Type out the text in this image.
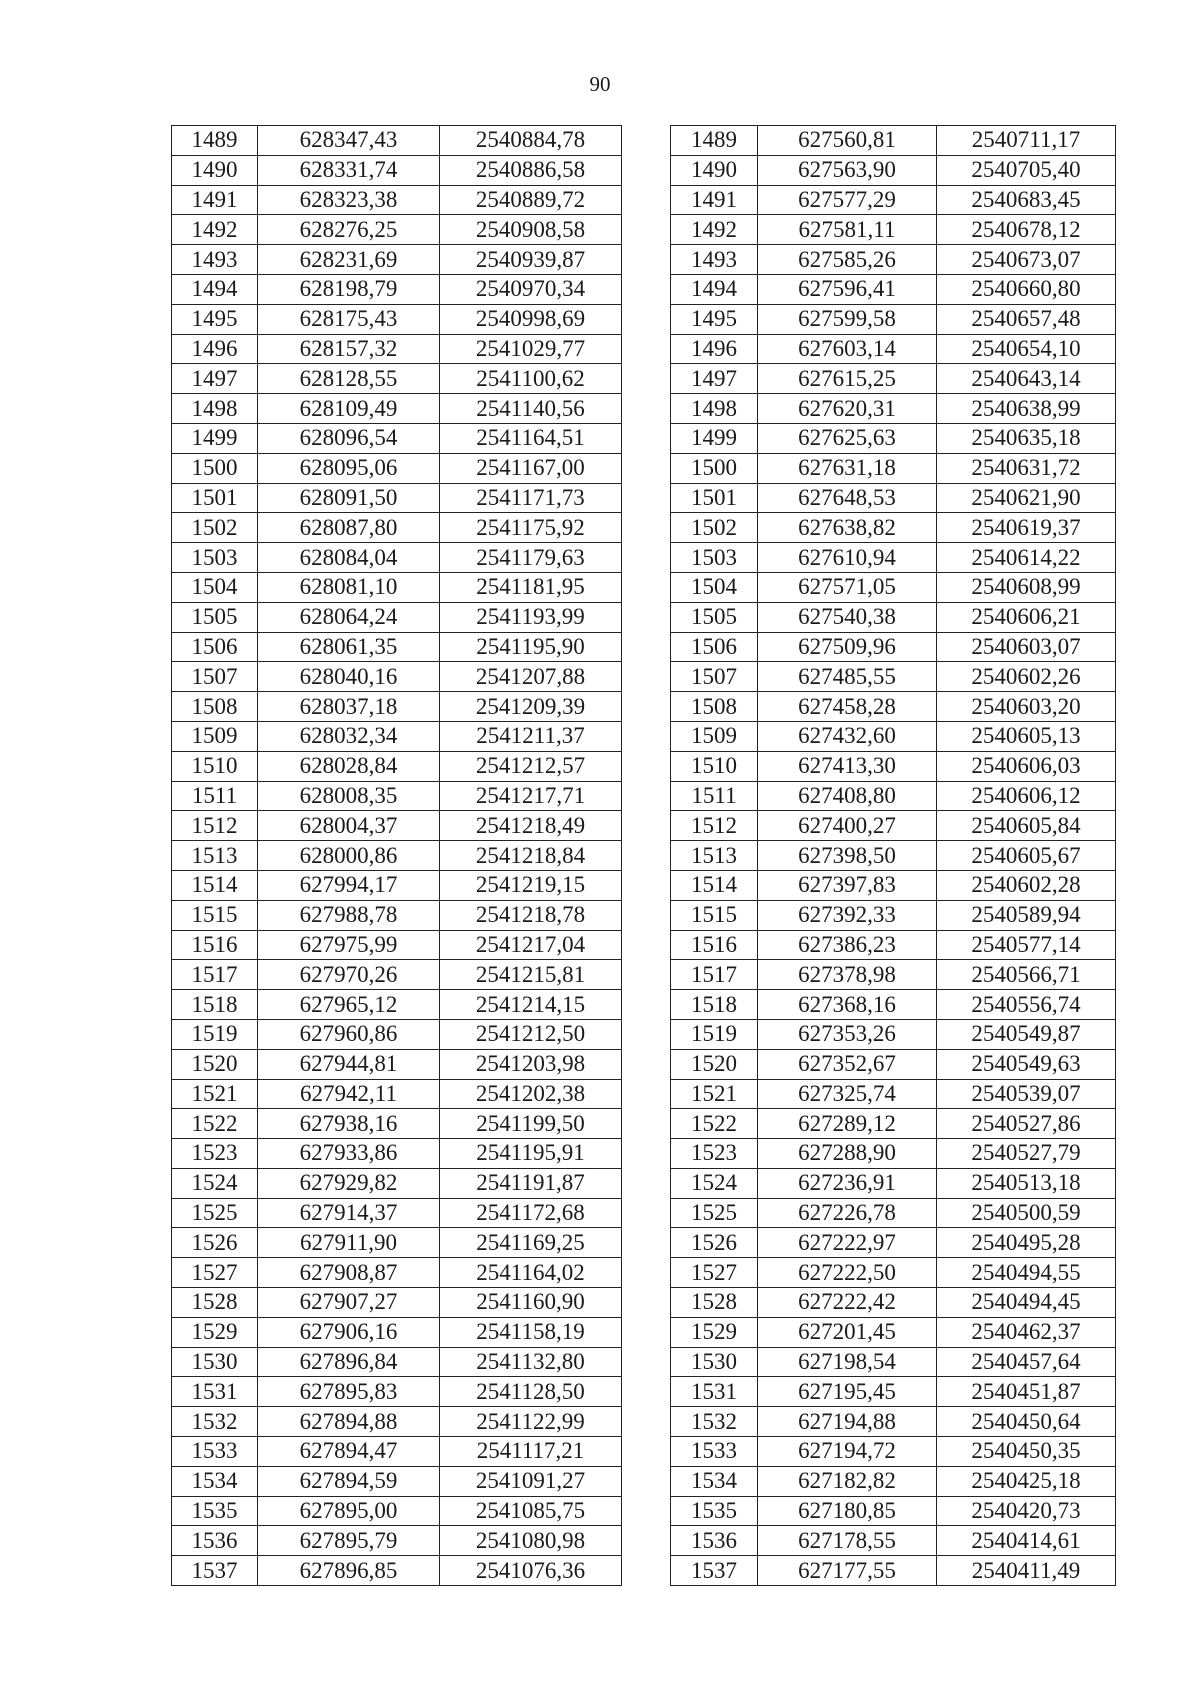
90
1489	628347,43	2540884,78		1489	627560,81	2540711,17
1490	628331,74	2540886,58		1490	627563,90	2540705,40
1491	628323,38	2540889,72		1491	627577,29	2540683,45
1492	628276,25	2540908,58		1492	627581,11	2540678,12
1493	628231,69	2540939,87		1493	627585,26	2540673,07
1494	628198,79	2540970,34		1494	627596,41	2540660,80
1495	628175,43	2540998,69		1495	627599,58	2540657,48
1496	628157,32	2541029,77		1496	627603,14	2540654,10
1497	628128,55	2541100,62		1497	627615,25	2540643,14
1498	628109,49	2541140,56		1498	627620,31	2540638,99
1499	628096,54	2541164,51		1499	627625,63	2540635,18
1500	628095,06	2541167,00		1500	627631,18	2540631,72
1501	628091,50	2541171,73		1501	627648,53	2540621,90
1502	628087,80	2541175,92		1502	627638,82	2540619,37
1503	628084,04	2541179,63		1503	627610,94	2540614,22
1504	628081,10	2541181,95		1504	627571,05	2540608,99
1505	628064,24	2541193,99		1505	627540,38	2540606,21
1506	628061,35	2541195,90		1506	627509,96	2540603,07
1507	628040,16	2541207,88		1507	627485,55	2540602,26
1508	628037,18	2541209,39		1508	627458,28	2540603,20
1509	628032,34	2541211,37		1509	627432,60	2540605,13
1510	628028,84	2541212,57		1510	627413,30	2540606,03
1511	628008,35	2541217,71		1511	627408,80	2540606,12
1512	628004,37	2541218,49		1512	627400,27	2540605,84
1513	628000,86	2541218,84		1513	627398,50	2540605,67
1514	627994,17	2541219,15		1514	627397,83	2540602,28
1515	627988,78	2541218,78		1515	627392,33	2540589,94
1516	627975,99	2541217,04		1516	627386,23	2540577,14
1517	627970,26	2541215,81		1517	627378,98	2540566,71
1518	627965,12	2541214,15		1518	627368,16	2540556,74
1519	627960,86	2541212,50		1519	627353,26	2540549,87
1520	627944,81	2541203,98		1520	627352,67	2540549,63
1521	627942,11	2541202,38		1521	627325,74	2540539,07
1522	627938,16	2541199,50		1522	627289,12	2540527,86
1523	627933,86	2541195,91		1523	627288,90	2540527,79
1524	627929,82	2541191,87		1524	627236,91	2540513,18
1525	627914,37	2541172,68		1525	627226,78	2540500,59
1526	627911,90	2541169,25		1526	627222,97	2540495,28
1527	627908,87	2541164,02		1527	627222,50	2540494,55
1528	627907,27	2541160,90		1528	627222,42	2540494,45
1529	627906,16	2541158,19		1529	627201,45	2540462,37
1530	627896,84	2541132,80		1530	627198,54	2540457,64
1531	627895,83	2541128,50		1531	627195,45	2540451,87
1532	627894,88	2541122,99		1532	627194,88	2540450,64
1533	627894,47	2541117,21		1533	627194,72	2540450,35
1534	627894,59	2541091,27		1534	627182,82	2540425,18
1535	627895,00	2541085,75		1535	627180,85	2540420,73
1536	627895,79	2541080,98		1536	627178,55	2540414,61
1537	627896,85	2541076,36		1537	627177,55	2540411,49
